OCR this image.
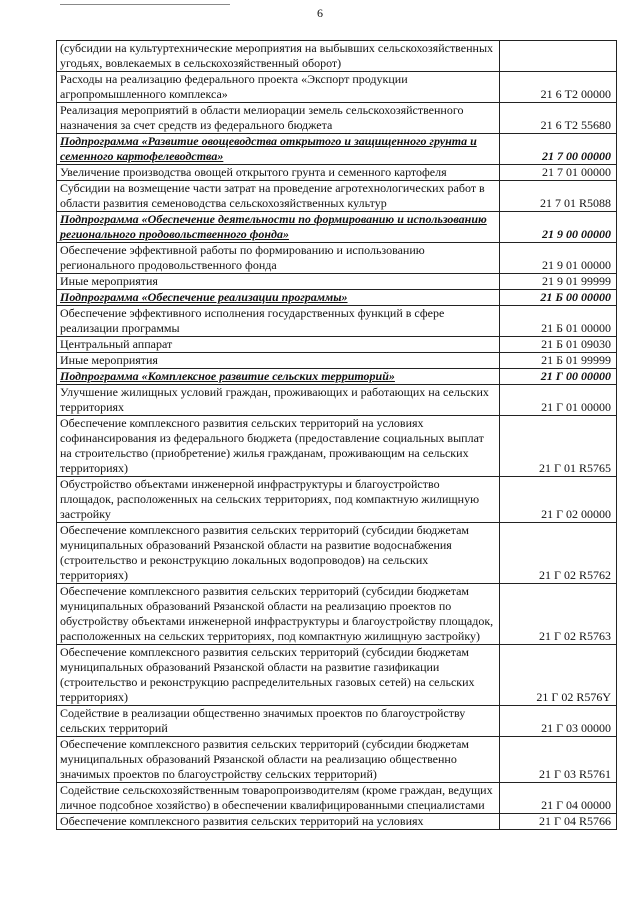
6
(субсидии на культуртехнические мероприятия на выбывших сельскохозяйственных угодьях, вовлекаемых в сельскохозяйственный оборот)	
Расходы на реализацию федерального проекта «Экспорт продукции агропромышленного комплекса»	21 6 Т2 00000
Реализация мероприятий в области мелиорации земель сельскохозяйственного назначения за счет средств из федерального бюджета	21 6 Т2 55680
Подпрограмма «Развитие овощеводства открытого и защищенного грунта и семенного картофелеводства»	21 7 00 00000
Увеличение производства овощей открытого грунта и семенного картофеля	21 7 01 00000
Субсидии на возмещение части затрат на проведение агротехнологических работ в области развития семеноводства сельскохозяйственных культур	21 7 01 R5088
Подпрограмма «Обеспечение деятельности по формированию и использованию регионального продовольственного фонда»	21 9 00 00000
Обеспечение эффективной работы по формированию и использованию регионального продовольственного фонда	21 9 01 00000
Иные мероприятия	21 9 01 99999
Подпрограмма «Обеспечение реализации программы»	21 Б 00 00000
Обеспечение эффективного исполнения государственных функций в сфере реализации программы	21 Б 01 00000
Центральный аппарат	21 Б 01 09030
Иные мероприятия	21 Б 01 99999
Подпрограмма «Комплексное развитие сельских территорий»	21 Г 00 00000
Улучшение жилищных условий граждан, проживающих и работающих на сельских территориях	21 Г 01 00000
Обеспечение комплексного развития сельских территорий на условиях софинансирования из федерального бюджета (предоставление социальных выплат на строительство (приобретение) жилья гражданам, проживающим на сельских территориях)	21 Г 01 R5765
Обустройство объектами инженерной инфраструктуры и благоустройство площадок, расположенных на сельских территориях, под компактную жилищную застройку	21 Г 02 00000
Обеспечение комплексного развития сельских территорий (субсидии бюджетам муниципальных образований Рязанской области на развитие водоснабжения (строительство и реконструкцию локальных водопроводов) на сельских территориях)	21 Г 02 R5762
Обеспечение комплексного развития сельских территорий (субсидии бюджетам муниципальных образований Рязанской области на реализацию проектов по обустройству объектами инженерной инфраструктуры и благоустройству площадок, расположенных на сельских территориях, под компактную жилищную застройку)	21 Г 02 R5763
Обеспечение комплексного развития сельских территорий (субсидии бюджетам муниципальных образований Рязанской области на развитие газификации (строительство и реконструкцию распределительных газовых сетей) на сельских территориях)	21 Г 02 R576Y
Содействие в реализации общественно значимых проектов по благоустройству сельских территорий	21 Г 03 00000
Обеспечение комплексного развития сельских территорий (субсидии бюджетам муниципальных образований Рязанской области на реализацию общественно значимых проектов по благоустройству сельских территорий)	21 Г 03 R5761
Содействие сельскохозяйственным товаропроизводителям (кроме граждан, ведущих личное подсобное хозяйство) в обеспечении квалифицированными специалистами	21 Г 04 00000
Обеспечение комплексного развития сельских территорий на условиях	21 Г 04 R5766
